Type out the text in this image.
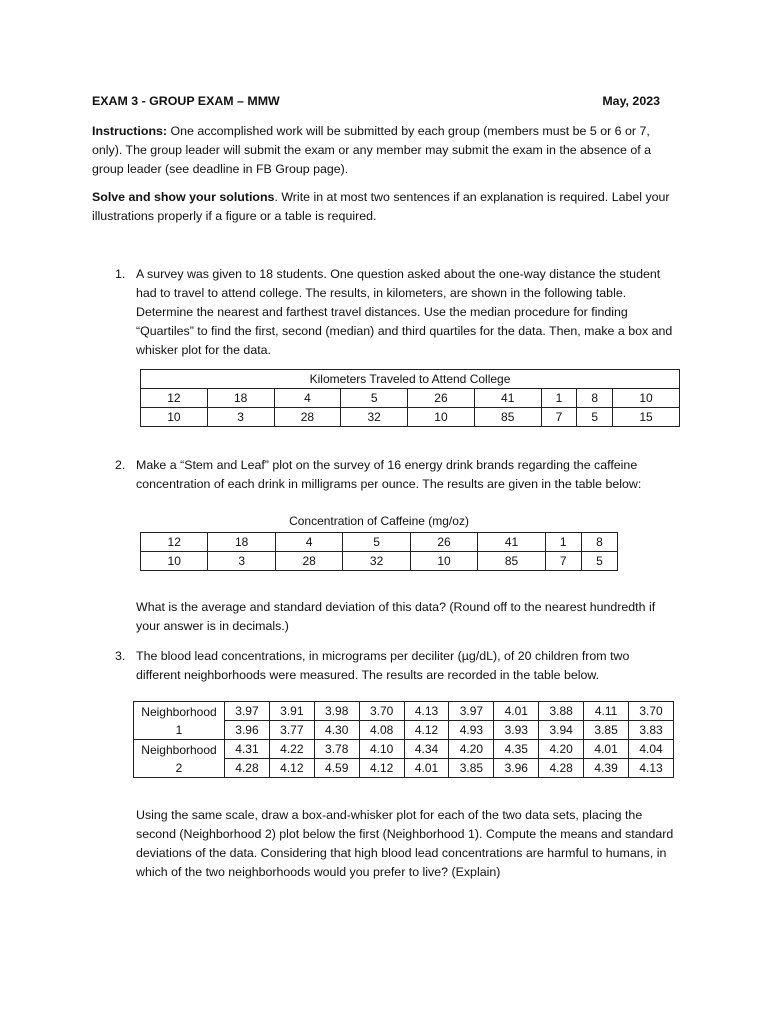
EXAM 3 - GROUP EXAM – MMW	May, 2023

Instructions: One accomplished work will be submitted by each group (members must be 5 or 6 or 7, only). The group leader will submit the exam or any member may submit the exam in the absence of a group leader (see deadline in FB Group page).

Solve and show your solutions. Write in at most two sentences if an explanation is required. Label your illustrations properly if a figure or a table is required.

1. A survey was given to 18 students. One question asked about the one-way distance the student had to travel to attend college. The results, in kilometers, are shown in the following table. Determine the nearest and farthest travel distances. Use the median procedure for finding “Quartiles” to find the first, second (median) and third quartiles for the data. Then, make a box and whisker plot for the data.

Kilometers Traveled to Attend College								
12	18	4	5	26	41	1	8	10
10	3	28	32	10	85	7	5	15
2. Make a “Stem and Leaf” plot on the survey of 16 energy drink brands regarding the caffeine concentration of each drink in milligrams per ounce. The results are given in the table below:

Concentration of Caffeine (mg/oz)
12	18	4	5	26	41	1	8
10	3	28	32	10	85	7	5

What is the average and standard deviation of this data? (Round off to the nearest hundredth if your answer is in decimals.)

3. The blood lead concentrations, in micrograms per deciliter (µg/dL), of 20 children from two different neighborhoods were measured. The results are recorded in the table below.

Neighborhood
1	3.97	3.91	3.98	3.70	4.13	3.97	4.01	3.88	4.11	3.70
	3.96	3.77	4.30	4.08	4.12	4.93	3.93	3.94	3.85	3.83
Neighborhood
2	4.31	4.22	3.78	4.10	4.34	4.20	4.35	4.20	4.01	4.04
	4.28	4.12	4.59	4.12	4.01	3.85	3.96	4.28	4.39	4.13

Using the same scale, draw a box-and-whisker plot for each of the two data sets, placing the second (Neighborhood 2) plot below the first (Neighborhood 1). Compute the means and standard deviations of the data. Considering that high blood lead concentrations are harmful to humans, in which of the two neighborhoods would you prefer to live? (Explain)
